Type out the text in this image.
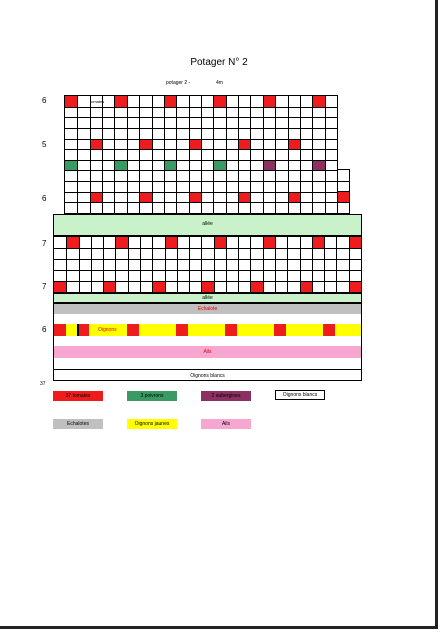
Potager N° 2
potager 2 -	4m
6
5
6
7
7
6
37
tomates
allée
allée
Echalote
Oignons
Ails
Oignons blancs
37 tomates	3 poivrons	2 aubergines	Oignons blancs
Echalotes	Oignons jaunes	Ails
